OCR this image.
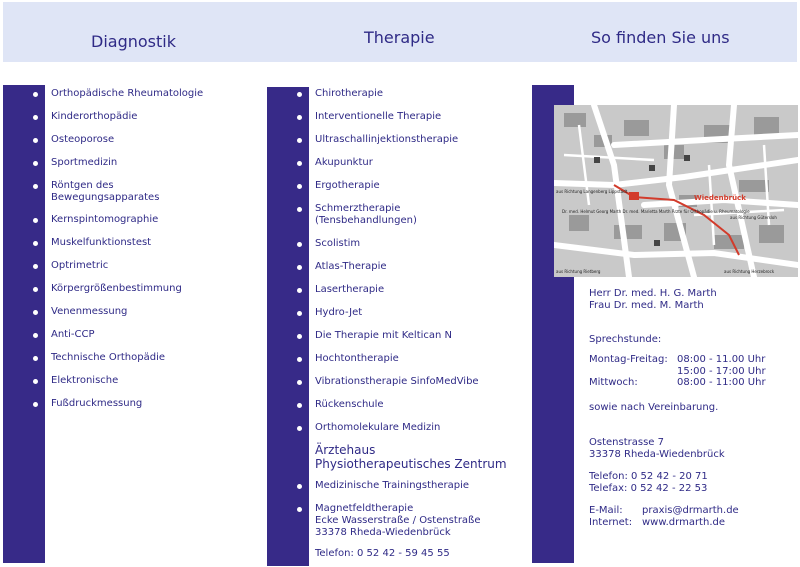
Diagnostik	Therapie	So finden Sie uns
Orthopädische Rheumatologie
Kinderorthopädie
Osteoporose
Sportmedizin
Röntgen des Bewegungsapparates
Kernspintomographie
Muskelfunktionstest
Optrimetric
Körpergrößenbestimmung
Venenmessung
Anti-CCP
Technische Orthopädie
Elektronische
Fußdruckmessung
Chirotherapie
Interventionelle Therapie
Ultraschallinjektionstherapie
Akupunktur
Ergotherapie
Schmerztherapie (Tensbehandlungen)
Scolistim
Atlas-Therapie
Lasertherapie
Hydro-Jet
Die Therapie mit Keltican N
Hochtontherapie
Vibrationstherapie SinfoMedVibe
Rückenschule
Orthomolekulare Medizin
Ärztehaus
Physiotherapeutisches Zentrum
Medizinische Trainingstherapie
Magnetfeldtherapie
Ecke Wasserstraße / Ostenstraße
33378 Rheda-Wiedenbrück
Telefon: 0 52 42 - 59 45 55
Wiedenbrück
aus Richtung Langenberg Lippstadt
aus Richtung Gütersloh
aus Richtung Rietberg	aus Richtung Herzebrock
Dr. med. Helmut Georg Marth Dr. med. Marietta Marth Ärzte für Orthopädie u. Rheumatologie
Herr Dr. med. H. G. Marth
Frau Dr. med. M. Marth
Sprechstunde:
Montag-Freitag: 08:00 - 11.00 Uhr
15:00 - 17:00 Uhr
Mittwoch:	08:00 - 11:00 Uhr
sowie nach Vereinbarung.
Ostenstrasse 7
33378 Rheda-Wiedenbrück
Telefon: 0 52 42 - 20 71
Telefax: 0 52 42 - 22 53
E-Mail: praxis@drmarth.de
Internet: www.drmarth.de
